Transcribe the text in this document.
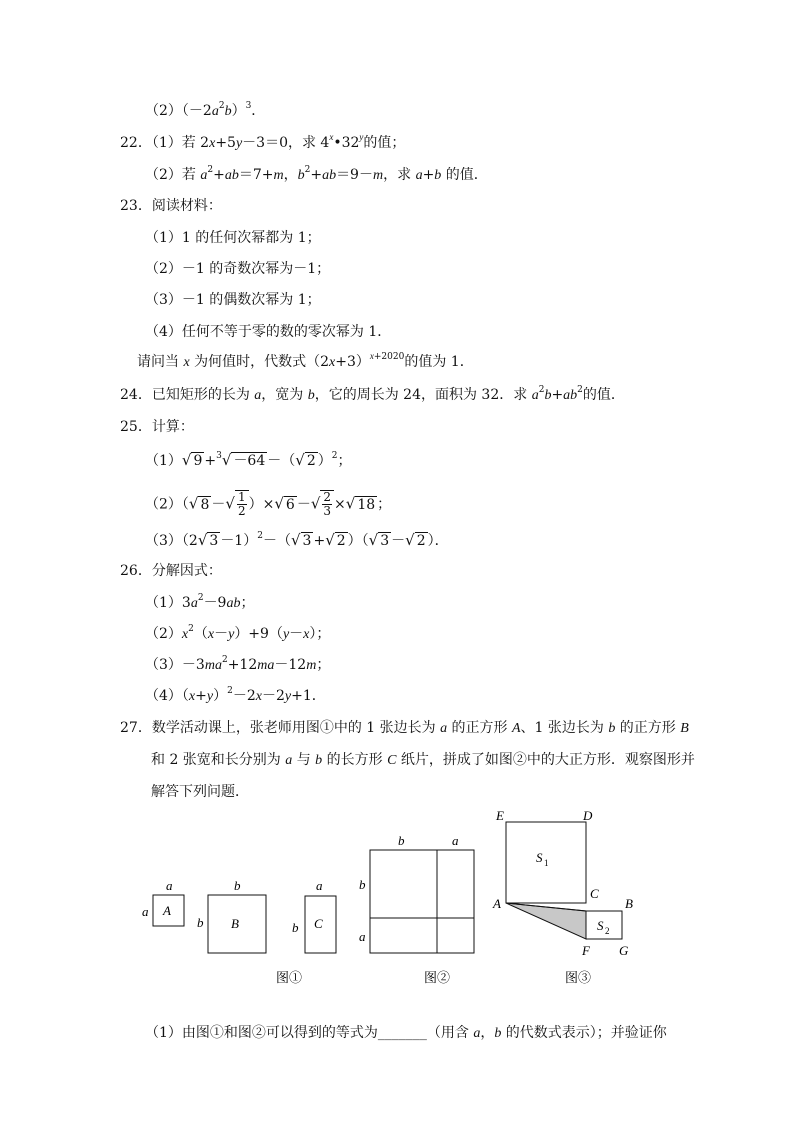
$(2)(-2a^2b)^3$．
22．（1）若 2x+5y－3＝0，求 4$^x$•32$^y$的值；
（2）若 $a^2+ab=7+m$，$b^2+ab=9-m$，求 a+b 的值．
23．阅读材料：
（1）1 的任何次幂都为 1；
（2）－1 的奇数次幂为－1；
（3）－1 的偶数次幂为 1；
（4）任何不等于零的数的零次幂为 1．
请问当 x 为何值时，代数式$(2x+3)^{x+2020}$的值为 1．
24．已知矩形的长为 a，宽为 b，它的周长为 24，面积为 32．求 $a^2b+ab^2$的值．
25．计算：
（1）√ 9 +$^3$√ －64 －（√ 2 ）$^2$；
（2）（√ 8 －√ $\frac{1}{2}$ ）×√ 6 －√ $\frac{2}{3}$ ×√ 18 ；
（3）（2√ 3 －1）$^2$－（√ 3 +√ 2 ）（√ 3 －√ 2 ）．
26．分解因式：
$(1)3a^2-9ab$；
$(2)x^2(x-y)+9(y-x)$；
$(3)-3ma^2+12ma-12m$；
$(4)(x+y)^2-2x-2y+1$．
27．数学活动课上，张老师用图①中的 1 张边长为 a 的正方形 A、1 张边长为 b 的正方形 B
和 2 张宽和长分别为 a 与 b 的长方形 C 纸片，拼成了如图②中的大正方形．观察图形并
解答下列问题．
a
a A
b
b B
a
b C
图①
b	a
b
a
图②
E	D
C
A	B
F G
S 1
S 2
图③
（1）由图①和图②可以得到的等式为_______（用含 a，b 的代数式表示）；并验证你
